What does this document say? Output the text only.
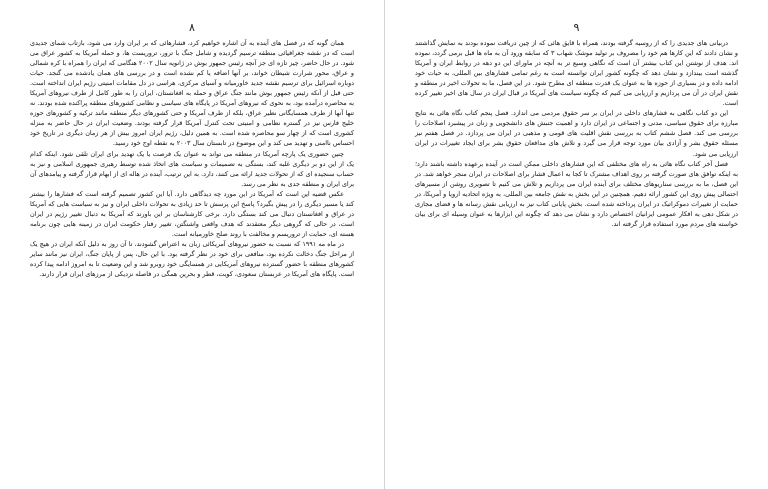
۸

همان گونه که در فصل های آینده به آن اشاره خواهیم کرد، فشارهائی که بر ایران وارد می شود، بازتاب شمای جدیدی است که در نقشه جغرافیائی منطقه ترسیم گردیده و شامل جنگ با ترور، تروریست ها، و حمله آمریکا به کشور عراق می شود. در حال حاضر، چیز تازه ای جز آنچه رئیس جمهور بوش در ژانویه سال ۲۰۰۲ هنگامی که ایران را همراه با کره شمالی و عراق، محور شرارت شیطان خواند، بر آنها اضافه یا کم نشده است و در بررسی های همان یادشده می گنجد. حیات دوباره اسرائیل برای ترسیم نقشه جدید خاورمیانه و آسیای مرکزی، هراسی در دل مقامات امنیتی رژیم ایران انداخته است. حتی قبل از آنکه رئیس جمهور بوش مانند جنگ عراق و حمله به افغانستان، ایران را به طور کامل از طرف نیروهای آمریکا به محاصره درآمده بود، به نحوی که نیروهای آمریکا در پایگاه های سیاسی و نظامی کشورهای منطقه پراکنده شده بودند. نه تنها آنها از طرف همسایگانی نظیر عراق، بلکه از طرف آمریکا و حتی کشورهای دیگر منطقه مانند ترکیه و کشورهای حوزه خلیج فارس نیز در گستره نظامی و امنیتی تحت کنترل آمریکا قرار گرفته بودند. وضعیت ایران در حال حاضر به منزله کشوری است که از چهار سو محاصره شده است. به همین دلیل، رژیم ایران امروز بیش از هر زمان دیگری در تاریخ خود احساس ناامنی و تهدید می کند و این موضوع در تابستان سال ۲۰۰۳ به نقطه اوج خود رسید.

چنین حضوری یک پارچه آمریکا در منطقه می تواند به عنوان یک فرصت یا یک تهدید برای ایران تلقی شود. اینکه کدام یک از این دو بر دیگری غلبه کند، بستگی به تصمیمات و سیاست های اتخاذ شده توسط رهبری جمهوری اسلامی و نیز به حساب سنجیده ای که از تحولات جدید ارائه می کنند، دارد. به این ترتیب، آینده در هاله ای از ابهام قرار گرفته و پیامدهای آن برای ایران و منطقه جدی به نظر می رسد.

عکس قضیه این است که آمریکا در این مورد چه دیدگاهی دارد. آیا این کشور تصمیم گرفته است که فشارها را بیشتر کند یا مسیر دیگری را در پیش بگیرد؟ پاسخ این پرسش تا حد زیادی به تحولات داخلی ایران و نیز به سیاست هایی که آمریکا در عراق و افغانستان دنبال می کند بستگی دارد. برخی کارشناسان بر این باورند که آمریکا به دنبال تغییر رژیم در ایران است، در حالی که گروهی دیگر معتقدند که هدف واقعی واشنگتن، تغییر رفتار حکومت ایران در زمینه هایی چون برنامه هسته ای، حمایت از تروریسم و مخالفت با روند صلح خاورمیانه است.

در ماه مه ۱۹۹۱ که نسبت به حضور نیروهای آمریکائی زبان به اعتراض گشودند، تا آن روز به دلیل آنکه ایران در هیچ یک از مراحل جنگ دخالت نکرده بود، منافعی برای خود در نظر گرفته بود. با این حال، پس از پایان جنگ، ایران نیز مانند سایر کشورهای منطقه با حضور گسترده نیروهای آمریکایی در همسایگی خود روبرو شد و این وضعیت تا به امروز ادامه پیدا کرده است. پایگاه های آمریکا در عربستان سعودی، کویت، قطر و بحرین همگی در فاصله نزدیکی از مرزهای ایران قرار دارند.

۹

دربیانی های جدیدی را که از روسیه گرفته بودند، همراه با قایق هائی که از چین دریافت نموده بودند به نمایش گذاشتند و نشان دادند که این کارها هم خود را مصروف بر تولید موشک شهاب ۳ که سابقه ورود آن به ماه ها قبل برمی گردد، نموده اند. هدف از نوشتن این کتاب بیشتر آن است که نگاهی وسیع تر به آنچه در ماورای این دو دهه در روابط ایران و آمریکا گذشته است بیندازد و نشان دهد که چگونه کشور ایران توانسته است به رغم تمامی فشارهای بین المللی، به حیات خود ادامه داده و در بسیاری از حوزه ها به عنوان یک قدرت منطقه ای مطرح شود. در این فصل، ما به تحولات اخیر در منطقه و نقش ایران در آن می پردازیم و ارزیابی می کنیم که چگونه سیاست های آمریکا در قبال ایران در سال های اخیر تغییر کرده است.

این دو کتاب نگاهی به فشارهای داخلی در ایران بر سر حقوق مردمی می اندازد. فصل پنجم کتاب نگاه هائی به نتایج مبارزه برای حقوق سیاسی، مدنی و اجتماعی در ایران دارد و اهمیت جنبش های دانشجویی و زنان در پیشبرد اصلاحات را بررسی می کند. فصل ششم کتاب به بررسی نقش اقلیت های قومی و مذهبی در ایران می پردازد. در فصل هفتم نیز مسئله حقوق بشر و آزادی بیان مورد توجه قرار می گیرد و تلاش های مدافعان حقوق بشر برای ایجاد تغییرات در ایران ارزیابی می شود.

فصل آخر کتاب نگاه هائی به راه های مختلفی که این فشارهای داخلی ممکن است در آینده برعهده داشته باشند دارد؛ به اینکه توافق های صورت گرفته بر روی اهداف مشترک تا کجا به اعمال فشار برای اصلاحات در ایران منجر خواهد شد. در این فصل، ما به بررسی سناریوهای مختلف برای آینده ایران می پردازیم و تلاش می کنیم تا تصویری روشن از مسیرهای احتمالی پیش روی این کشور ارائه دهیم. همچنین در این بخش به نقش جامعه بین المللی، به ویژه اتحادیه اروپا و آمریکا، در حمایت از تغییرات دموکراتیک در ایران پرداخته شده است. بخش پایانی کتاب نیز به ارزیابی نقش رسانه ها و فضای مجازی در شکل دهی به افکار عمومی ایرانیان اختصاص دارد و نشان می دهد که چگونه این ابزارها به عنوان وسیله ای برای بیان خواسته های مردم مورد استفاده قرار گرفته اند.
